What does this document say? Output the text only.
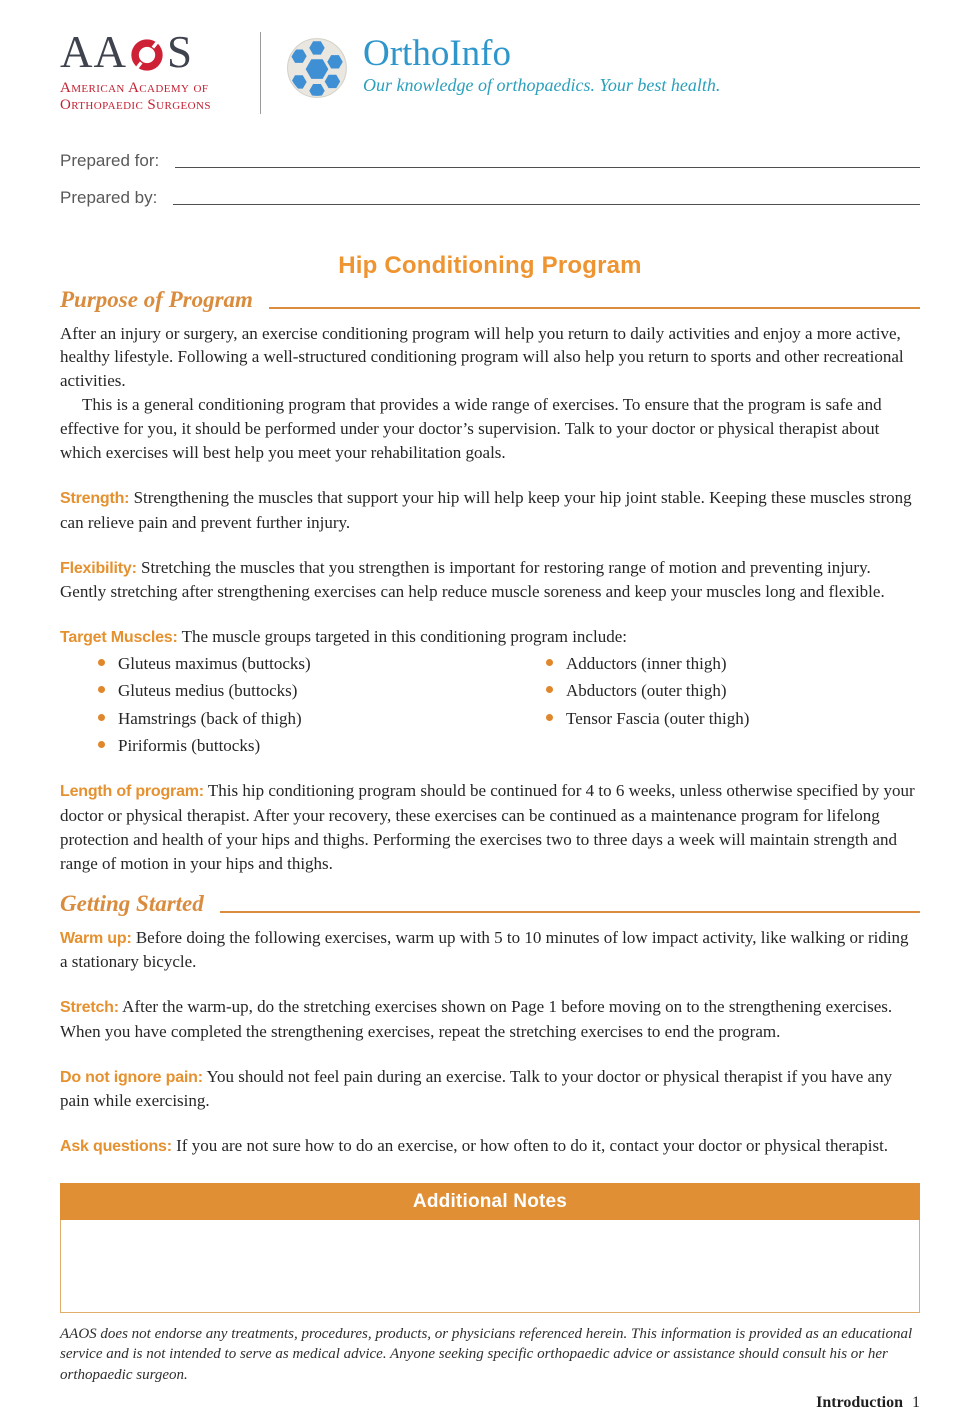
AA S
American Academy of
Orthopaedic Surgeons
OrthoInfo
Our knowledge of orthopaedics. Your best health.
Prepared for:
Prepared by:
Hip Conditioning Program
Purpose of Program

After an injury or surgery, an exercise conditioning program will help you return to daily activities and enjoy a more active, healthy lifestyle. Following a well-structured conditioning program will also help you return to sports and other recreational activities.

This is a general conditioning program that provides a wide range of exercises. To ensure that the program is safe and effective for you, it should be performed under your doctor’s supervision. Talk to your doctor or physical therapist about which exercises will best help you meet your rehabilitation goals.

Strength: Strengthening the muscles that support your hip will help keep your hip joint stable. Keeping these muscles strong can relieve pain and prevent further injury.

Flexibility: Stretching the muscles that you strengthen is important for restoring range of motion and preventing injury. Gently stretching after strengthening exercises can help reduce muscle soreness and keep your muscles long and flexible.

Target Muscles: The muscle groups targeted in this conditioning program include:

Gluteus maximus (buttocks)
Gluteus medius (buttocks)
Hamstrings (back of thigh)
Piriformis (buttocks)
Adductors (inner thigh)
Abductors (outer thigh)
Tensor Fascia (outer thigh)

Length of program: This hip conditioning program should be continued for 4 to 6 weeks, unless otherwise specified by your doctor or physical therapist. After your recovery, these exercises can be continued as a maintenance program for lifelong protection and health of your hips and thighs. Performing the exercises two to three days a week will maintain strength and range of motion in your hips and thighs.

Getting Started

Warm up: Before doing the following exercises, warm up with 5 to 10 minutes of low impact activity, like walking or riding a stationary bicycle.

Stretch: After the warm-up, do the stretching exercises shown on Page 1 before moving on to the strengthening exercises. When you have completed the strengthening exercises, repeat the stretching exercises to end the program.

Do not ignore pain: You should not feel pain during an exercise. Talk to your doctor or physical therapist if you have any pain while exercising.

Ask questions: If you are not sure how to do an exercise, or how often to do it, contact your doctor or physical therapist.

Additional Notes

AAOS does not endorse any treatments, procedures, products, or physicians referenced herein. This information is provided as an educational service and is not intended to serve as medical advice. Anyone seeking specific orthopaedic advice or assistance should consult his or her orthopaedic surgeon.

Introduction 1
